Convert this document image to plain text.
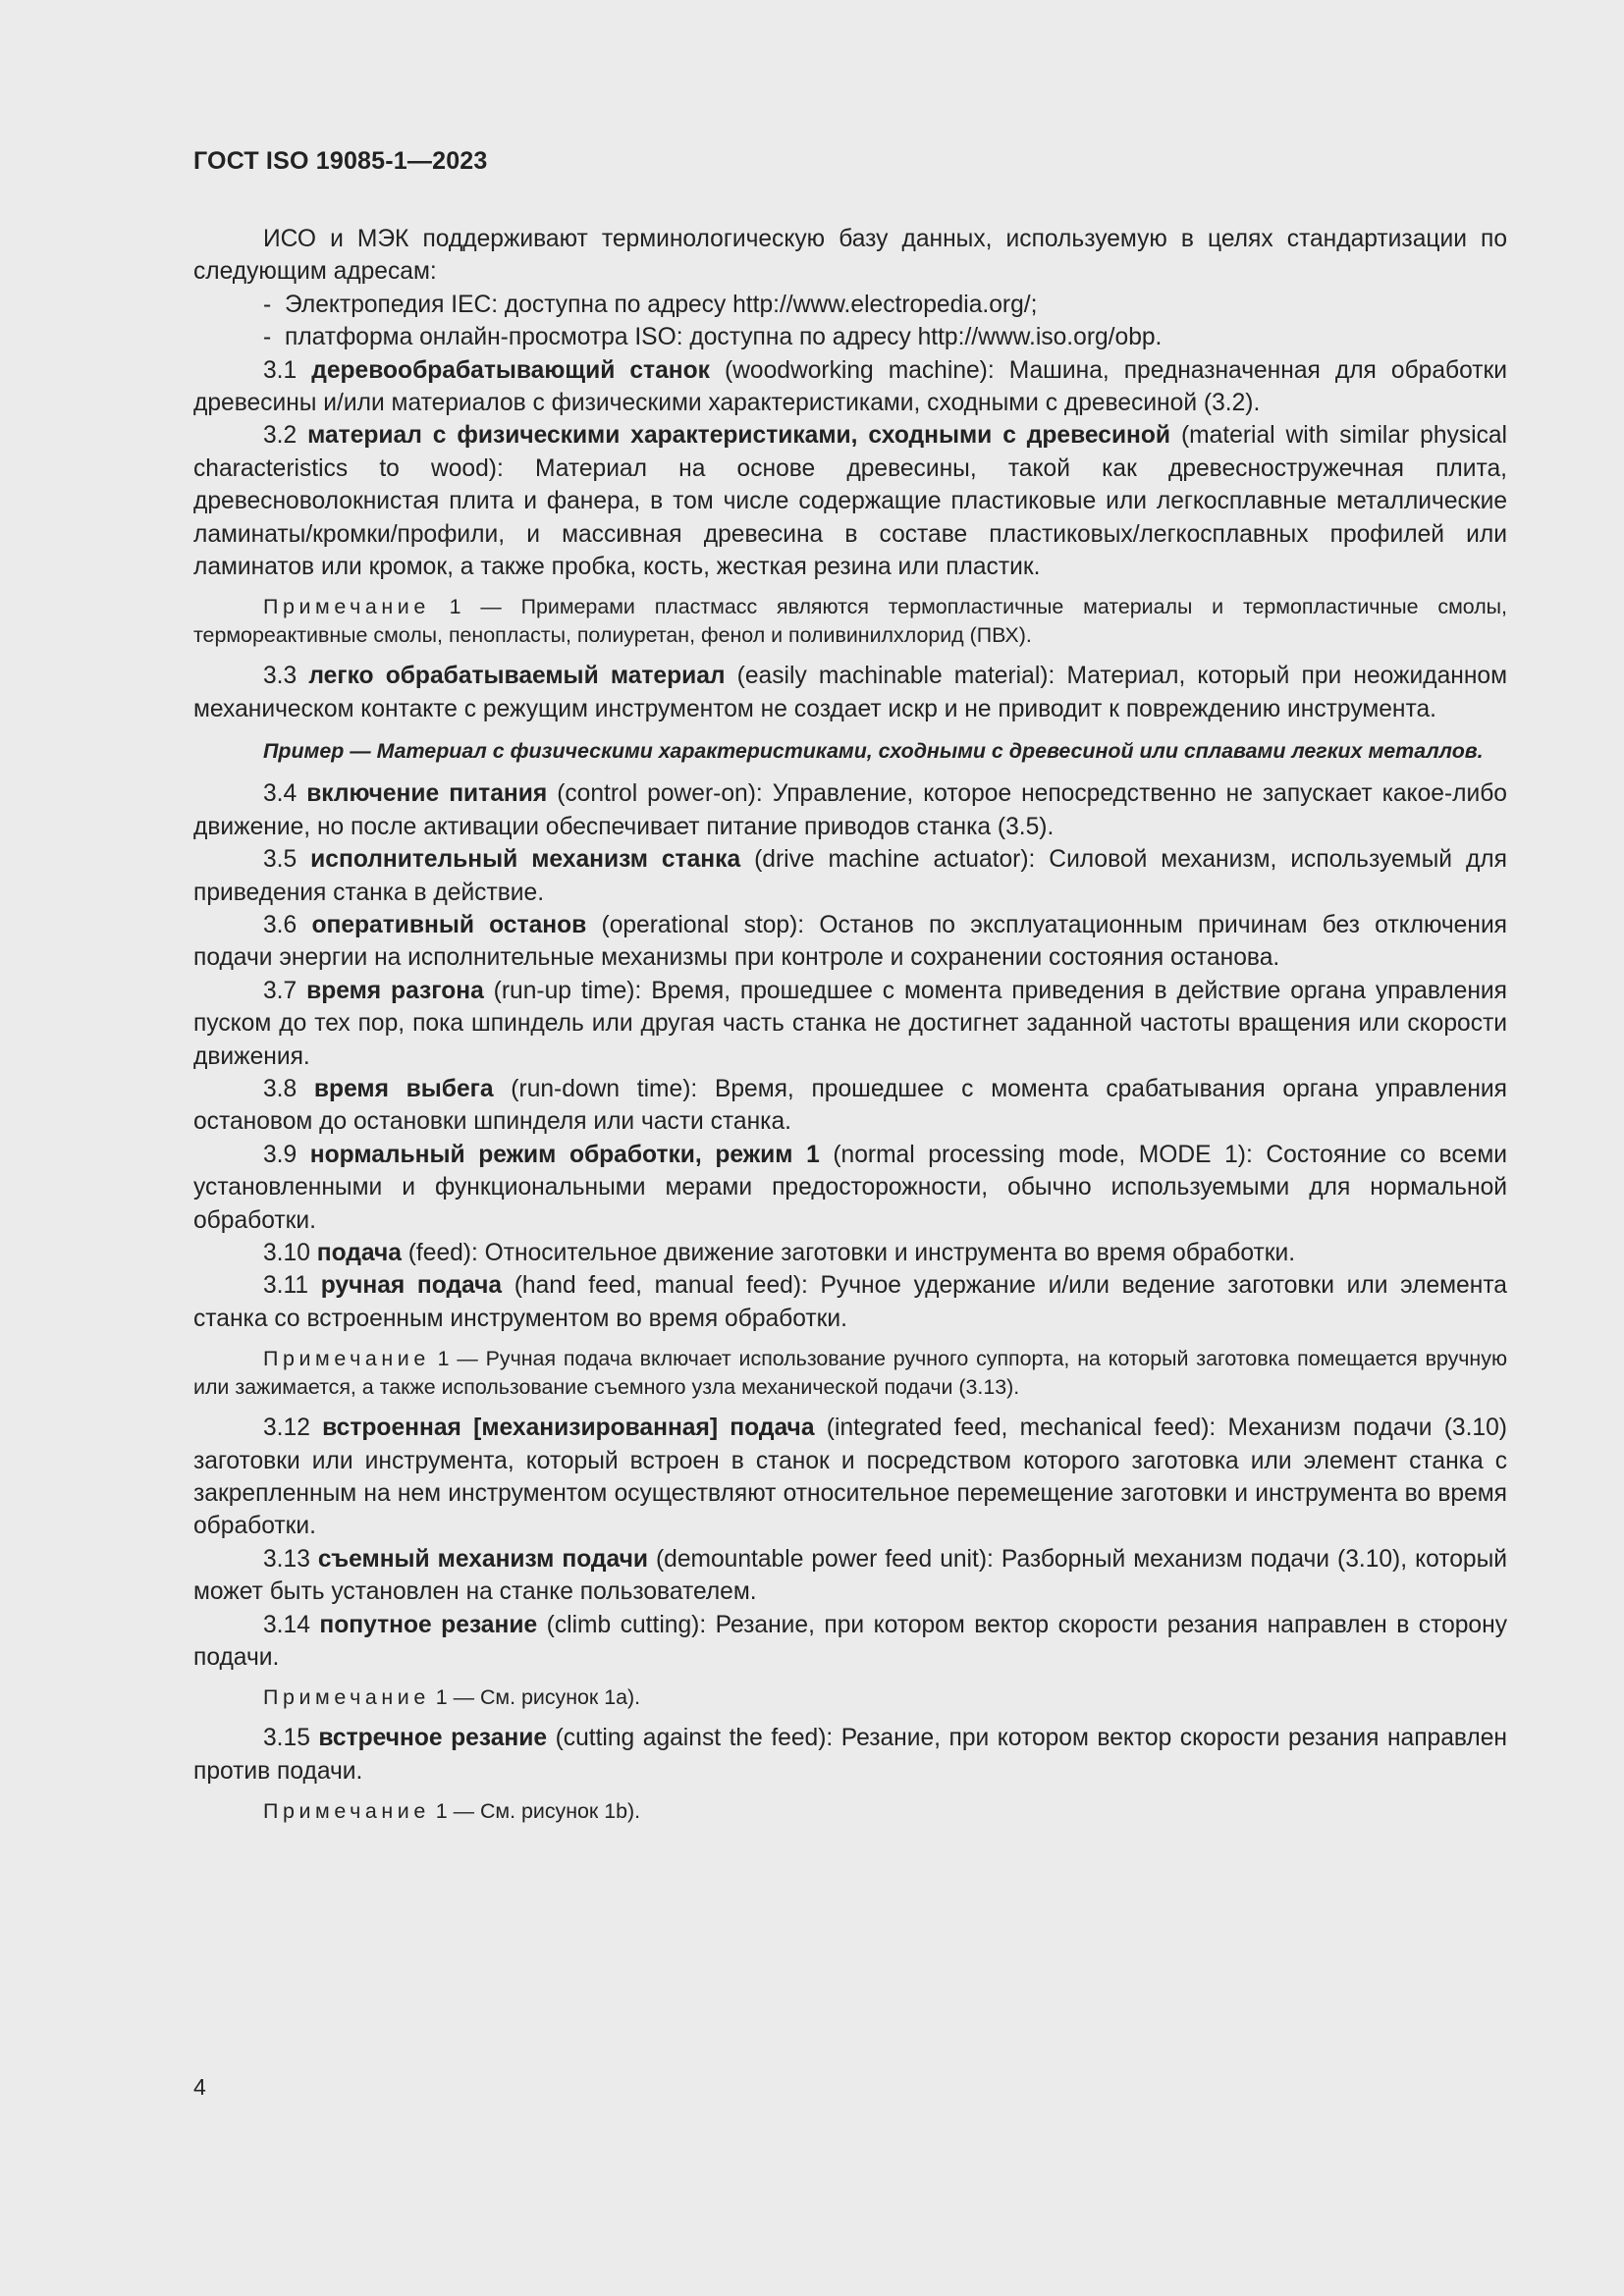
ГОСТ ISO 19085-1—2023

ИСО и МЭК поддерживают терминологическую базу данных, используемую в целях стандартизации по следующим адресам:

- Электропедия IEC: доступна по адресу http://www.electropedia.org/;

- платформа онлайн-просмотра ISO: доступна по адресу http://www.iso.org/obp.

3.1 деревообрабатывающий станок (woodworking machine): Машина, предназначенная для обработки древесины и/или материалов с физическими характеристиками, сходными с древесиной (3.2).

3.2 материал с физическими характеристиками, сходными с древесиной (material with similar physical characteristics to wood): Материал на основе древесины, такой как древесностружечная плита, древесноволокнистая плита и фанера, в том числе содержащие пластиковые или легкосплавные металлические ламинаты/кромки/профили, и массивная древесина в составе пластиковых/легкосплавных профилей или ламинатов или кромок, а также пробка, кость, жесткая резина или пластик.

Примечание 1 — Примерами пластмасс являются термопластичные материалы и термопластичные смолы, термореактивные смолы, пенопласты, полиуретан, фенол и поливинилхлорид (ПВХ).

3.3 легко обрабатываемый материал (easily machinable material): Материал, который при неожиданном механическом контакте с режущим инструментом не создает искр и не приводит к повреждению инструмента.

Пример — Материал с физическими характеристиками, сходными с древесиной или сплавами легких металлов.

3.4 включение питания (control power-on): Управление, которое непосредственно не запускает какое-либо движение, но после активации обеспечивает питание приводов станка (3.5).

3.5 исполнительный механизм станка (drive machine actuator): Силовой механизм, используемый для приведения станка в действие.

3.6 оперативный останов (operational stop): Останов по эксплуатационным причинам без отключения подачи энергии на исполнительные механизмы при контроле и сохранении состояния останова.

3.7 время разгона (run-up time): Время, прошедшее с момента приведения в действие органа управления пуском до тех пор, пока шпиндель или другая часть станка не достигнет заданной частоты вращения или скорости движения.

3.8 время выбега (run-down time): Время, прошедшее с момента срабатывания органа управления остановом до остановки шпинделя или части станка.

3.9 нормальный режим обработки, режим 1 (normal processing mode, MODE 1): Состояние со всеми установленными и функциональными мерами предосторожности, обычно используемыми для нормальной обработки.

3.10 подача (feed): Относительное движение заготовки и инструмента во время обработки.

3.11 ручная подача (hand feed, manual feed): Ручное удержание и/или ведение заготовки или элемента станка со встроенным инструментом во время обработки.

Примечание 1 — Ручная подача включает использование ручного суппорта, на который заготовка помещается вручную или зажимается, а также использование съемного узла механической подачи (3.13).

3.12 встроенная [механизированная] подача (integrated feed, mechanical feed): Механизм подачи (3.10) заготовки или инструмента, который встроен в станок и посредством которого заготовка или элемент станка с закрепленным на нем инструментом осуществляют относительное перемещение заготовки и инструмента во время обработки.

3.13 съемный механизм подачи (demountable power feed unit): Разборный механизм подачи (3.10), который может быть установлен на станке пользователем.

3.14 попутное резание (climb cutting): Резание, при котором вектор скорости резания направлен в сторону подачи.

Примечание 1 — См. рисунок 1a).

3.15 встречное резание (cutting against the feed): Резание, при котором вектор скорости резания направлен против подачи.

Примечание 1 — См. рисунок 1b).

4
